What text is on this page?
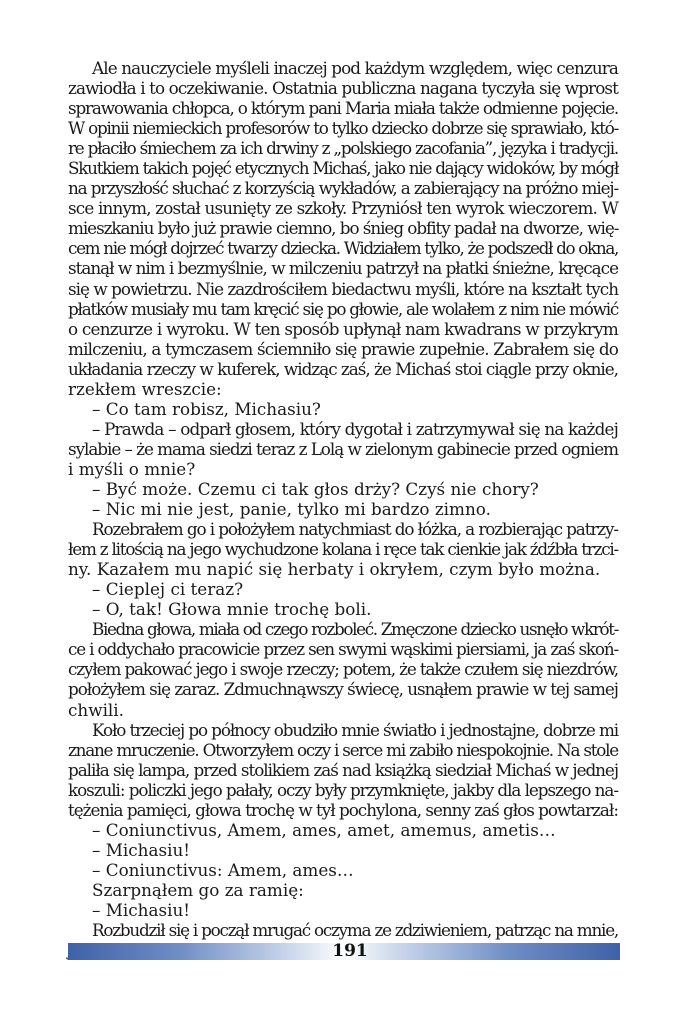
Ale nauczyciele myśleli inaczej pod każdym względem, więc cenzura
zawiodła i to oczekiwanie. Ostatnia publiczna nagana tyczyła się wprost
sprawowania chłopca, o którym pani Maria miała także odmienne pojęcie.
W opinii niemieckich profesorów to tylko dziecko dobrze się sprawiało, któ-
re płaciło śmiechem za ich drwiny z „polskiego zacofania”, języka i tradycji.
Skutkiem takich pojęć etycznych Michaś, jako nie dający widoków, by mógł
na przyszłość słuchać z korzyścią wykładów, a zabierający na próżno miej-
sce innym, został usunięty ze szkoły. Przyniósł ten wyrok wieczorem. W
mieszkaniu było już prawie ciemno, bo śnieg obfity padał na dworze, wię-
cem nie mógł dojrzeć twarzy dziecka. Widziałem tylko, że podszedł do okna,
stanął w nim i bezmyślnie, w milczeniu patrzył na płatki śnieżne, kręcące
się w powietrzu. Nie zazdrościłem biedactwu myśli, które na kształt tych
płatków musiały mu tam kręcić się po głowie, ale wolałem z nim nie mówić
o cenzurze i wyroku. W ten sposób upłynął nam kwadrans w przykrym
milczeniu, a tymczasem ściemniło się prawie zupełnie. Zabrałem się do
układania rzeczy w kuferek, widząc zaś, że Michaś stoi ciągle przy oknie,
rzekłem wreszcie:
– Co tam robisz, Michasiu?
– Prawda – odparł głosem, który dygotał i zatrzymywał się na każdej
sylabie – że mama siedzi teraz z Lolą w zielonym gabinecie przed ogniem
i myśli o mnie?
– Być może. Czemu ci tak głos drży? Czyś nie chory?
– Nic mi nie jest, panie, tylko mi bardzo zimno.
Rozebrałem go i położyłem natychmiast do łóżka, a rozbierając patrzy-
łem z litością na jego wychudzone kolana i ręce tak cienkie jak źdźbła trzci-
ny. Kazałem mu napić się herbaty i okryłem, czym było można.
– Cieplej ci teraz?
– O, tak! Głowa mnie trochę boli.
Biedna głowa, miała od czego rozboleć. Zmęczone dziecko usnęło wkrót-
ce i oddychało pracowicie przez sen swymi wąskimi piersiami, ja zaś skoń-
czyłem pakować jego i swoje rzeczy; potem, że także czułem się niezdrów,
położyłem się zaraz. Zdmuchnąwszy świecę, usnąłem prawie w tej samej
chwili.
Koło trzeciej po północy obudziło mnie światło i jednostajne, dobrze mi
znane mruczenie. Otworzyłem oczy i serce mi zabiło niespokojnie. Na stole
paliła się lampa, przed stolikiem zaś nad książką siedział Michaś w jednej
koszuli: policzki jego pałały, oczy były przymknięte, jakby dla lepszego na-
tężenia pamięci, głowa trochę w tył pochylona, senny zaś głos powtarzał:
– Coniunctivus, Amem, ames, amet, amemus, ametis…
– Michasiu!
– Coniunctivus: Amem, ames…
Szarpnąłem go za ramię:
– Michasiu!
Rozbudził się i począł mrugać oczyma ze zdziwieniem, patrząc na mnie,
191
